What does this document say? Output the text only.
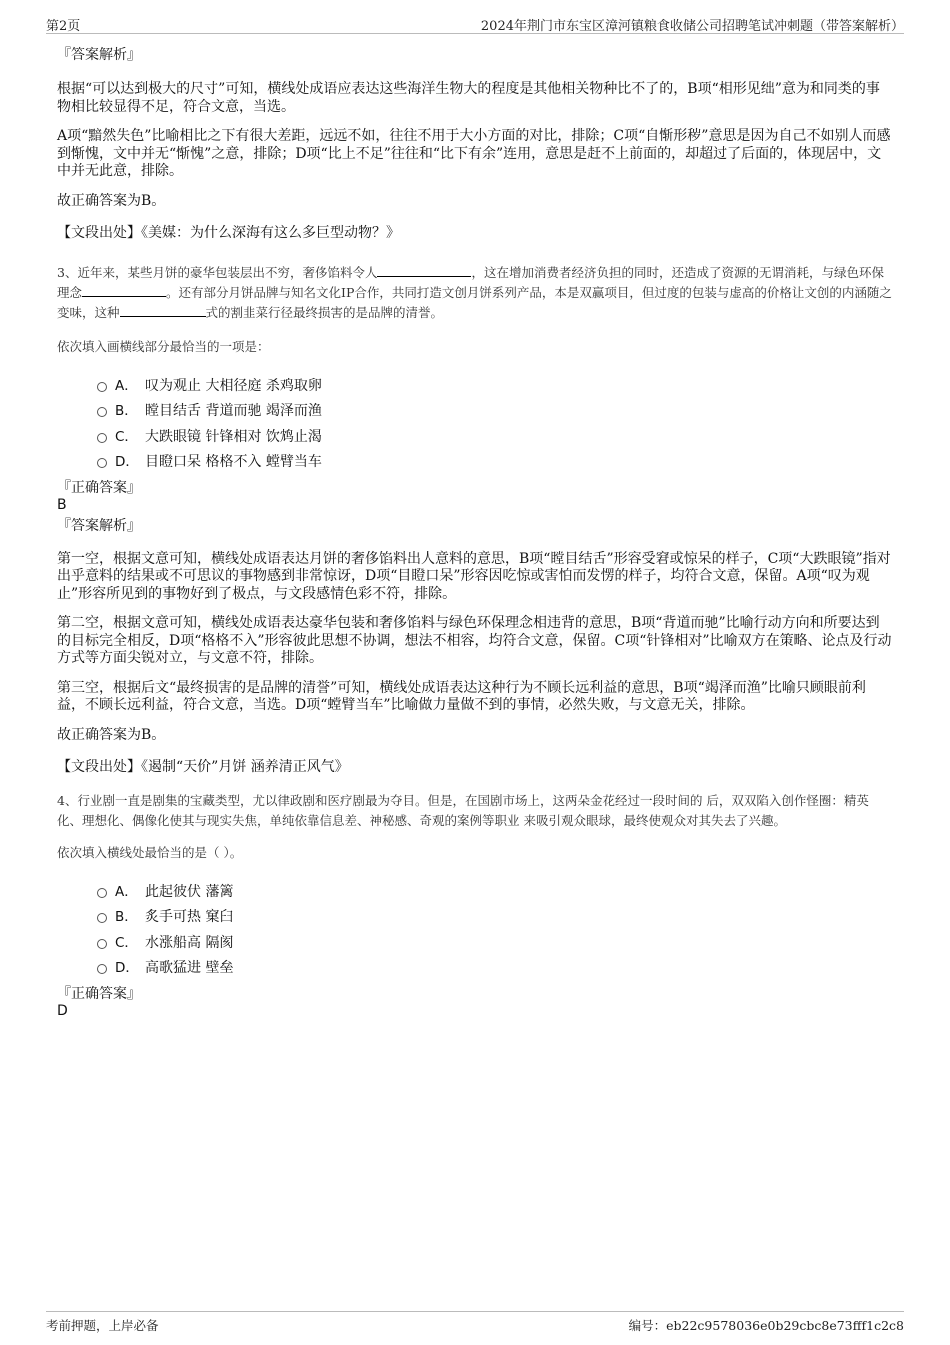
第2页	2024年荆门市东宝区漳河镇粮食收储公司招聘笔试冲刺题（带答案解析）
『答案解析』

根据“可以达到极大的尺寸”可知，横线处成语应表达这些海洋生物大的程度是其他相关物种比不了的，B项“相形见绌”意为和同类的事物相比较显得不足，符合文意，当选。

A项“黯然失色”比喻相比之下有很大差距，远远不如，往往不用于大小方面的对比，排除；C项“自惭形秽”意思是因为自己不如别人而感到惭愧，文中并无“惭愧”之意，排除；D项“比上不足”往往和“比下有余”连用，意思是赶不上前面的，却超过了后面的，体现居中，文中并无此意，排除。

故正确答案为B。

【文段出处】《美媒：为什么深海有这么多巨型动物？》

3、近年来，某些月饼的豪华包装层出不穷，奢侈馅料令人	，这在增加消费者经济负担的同时，还造成了资源的无谓消耗，与绿色环保理念	。还有部分月饼品牌与知名文化IP合作，共同打造文创月饼系列产品，本是双赢项目，但过度的包装与虚高的价格让文创的内涵随之变味，这种	式的割韭菜行径最终损害的是品牌的清誉。
依次填入画横线部分最恰当的一项是：
A． 叹为观止 大相径庭 杀鸡取卵
B． 瞠目结舌 背道而驰 竭泽而渔
C． 大跌眼镜 针锋相对 饮鸩止渴
D． 目瞪口呆 格格不入 螳臂当车
『正确答案』
B
『答案解析』

第一空，根据文意可知，横线处成语表达月饼的奢侈馅料出人意料的意思，B项“瞠目结舌”形容受窘或惊呆的样子，C项“大跌眼镜”指对出乎意料的结果或不可思议的事物感到非常惊讶，D项“目瞪口呆”形容因吃惊或害怕而发愣的样子，均符合文意，保留。A项“叹为观止”形容所见到的事物好到了极点，与文段感情色彩不符，排除。

第二空，根据文意可知，横线处成语表达豪华包装和奢侈馅料与绿色环保理念相违背的意思，B项“背道而驰”比喻行动方向和所要达到的目标完全相反，D项“格格不入”形容彼此思想不协调，想法不相容，均符合文意，保留。C项“针锋相对”比喻双方在策略、论点及行动方式等方面尖锐对立，与文意不符，排除。

第三空，根据后文“最终损害的是品牌的清誉”可知，横线处成语表达这种行为不顾长远利益的意思，B项“竭泽而渔”比喻只顾眼前利益，不顾长远利益，符合文意，当选。D项“螳臂当车”比喻做力量做不到的事情，必然失败，与文意无关，排除。

故正确答案为B。

【文段出处】《遏制“天价”月饼 涵养清正风气》

4、行业剧一直是剧集的宝藏类型，尤以律政剧和医疗剧最为夺目。但是，在国剧市场上，这两朵金花经过一段时间的 后，双双陷入创作怪圈：精英化、理想化、偶像化使其与现实失焦，单纯依靠信息差、神秘感、奇观的案例等职业 来吸引观众眼球，最终使观众对其失去了兴趣。
依次填入横线处最恰当的是（ ）。
A． 此起彼伏 藩篱
B． 炙手可热 窠臼
C． 水涨船高 隔阂
D． 高歌猛进 壁垒
『正确答案』
D
考前押题，上岸必备	编号：eb22c9578036e0b29cbc8e73fff1c2c8
